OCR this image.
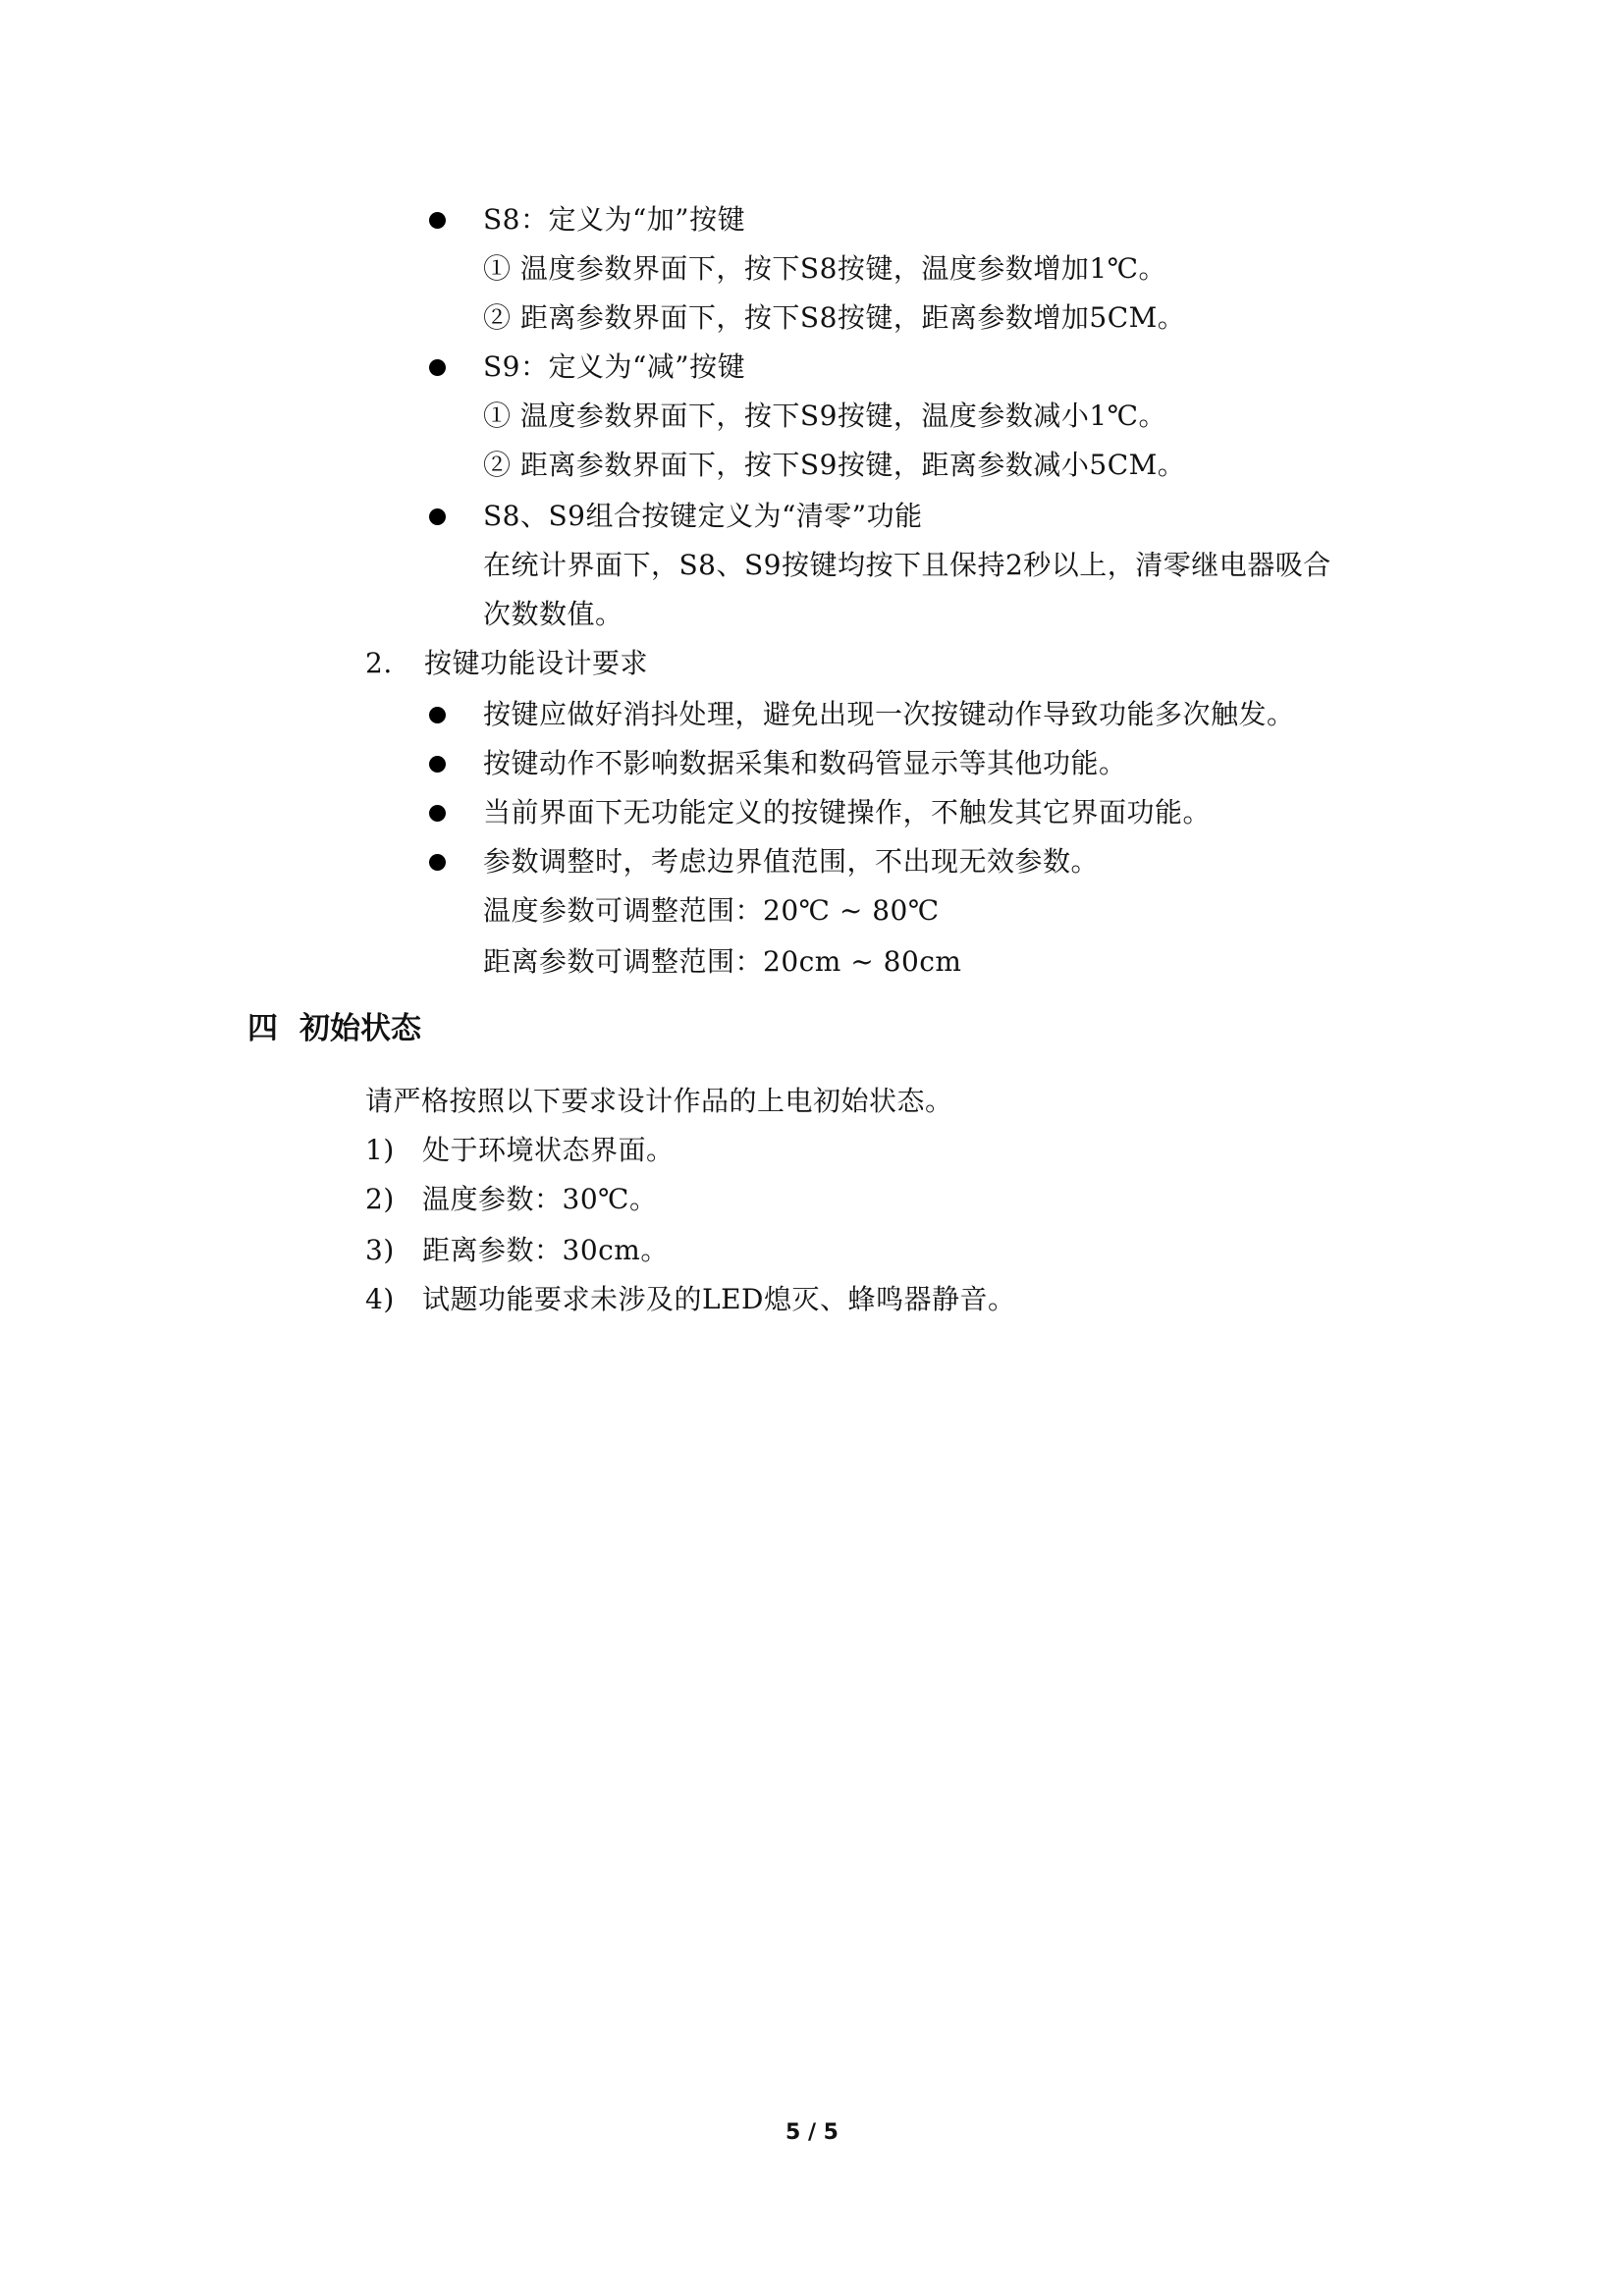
S8：定义为“加”按键
① 温度参数界面下，按下S8按键，温度参数增加1℃。
② 距离参数界面下，按下S8按键，距离参数增加5CM。
S9：定义为“减”按键
① 温度参数界面下，按下S9按键，温度参数减小1℃。
② 距离参数界面下，按下S9按键，距离参数减小5CM。
S8、S9组合按键定义为“清零”功能
在统计界面下，S8、S9按键均按下且保持2秒以上，清零继电器吸合
次数数值。
2. 按键功能设计要求
按键应做好消抖处理，避免出现一次按键动作导致功能多次触发。
按键动作不影响数据采集和数码管显示等其他功能。
当前界面下无功能定义的按键操作，不触发其它界面功能。
参数调整时，考虑边界值范围，不出现无效参数。
温度参数可调整范围：20℃ ~ 80℃
距离参数可调整范围：20cm ~ 80cm
四 初始状态
请严格按照以下要求设计作品的上电初始状态。
1) 处于环境状态界面。
2) 温度参数：30℃。
3) 距离参数：30cm。
4) 试题功能要求未涉及的LED熄灭、蜂鸣器静音。
5 / 5
